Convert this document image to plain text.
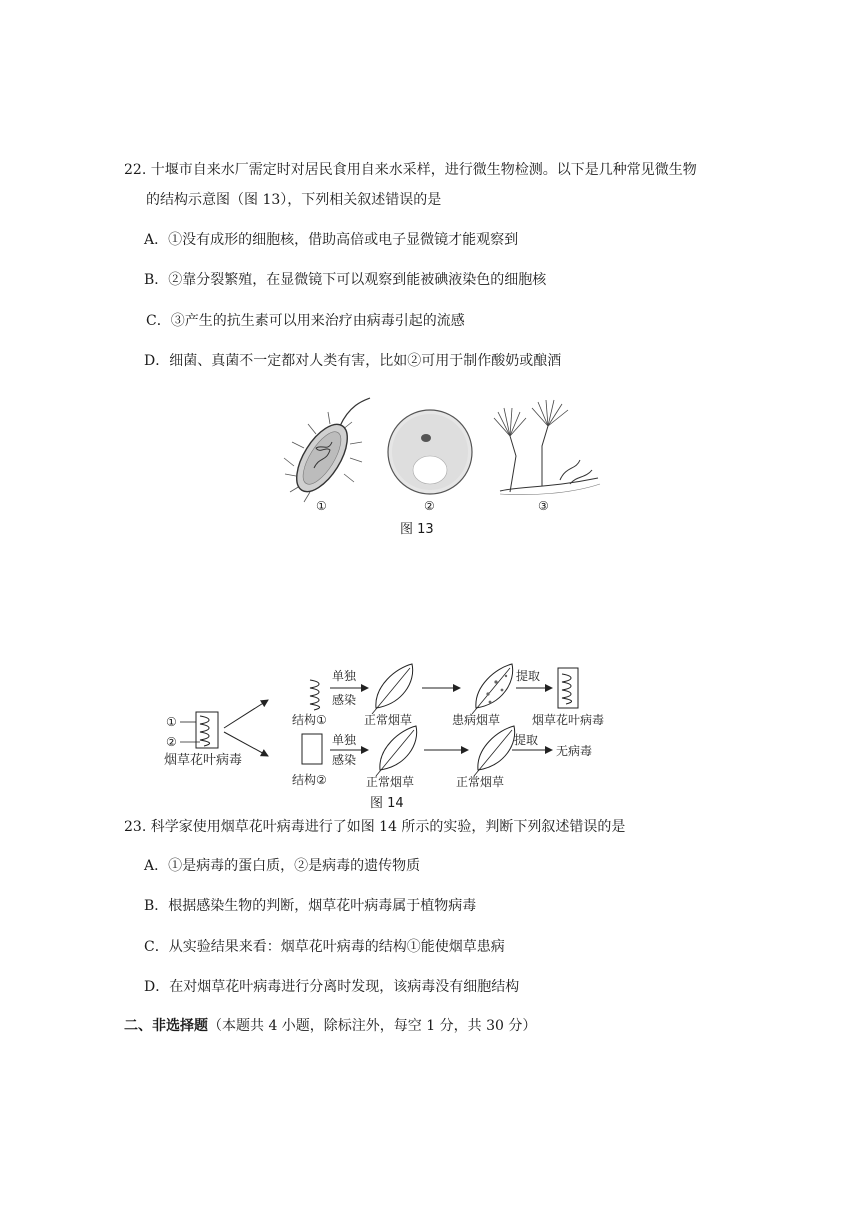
22. 十堰市自来水厂需定时对居民食用自来水采样，进行微生物检测。以下是几种常见微生物
的结构示意图（图 13），下列相关叙述错误的是
A．①没有成形的细胞核，借助高倍或电子显微镜才能观察到
B．②靠分裂繁殖，在显微镜下可以观察到能被碘液染色的细胞核
C．③产生的抗生素可以用来治疗由病毒引起的流感
D．细菌、真菌不一定都对人类有害，比如②可用于制作酸奶或酿酒
①	②	③
图 13
①
②
烟草花叶病毒
结构①
单独
感染
正常烟草	患病烟草
提取
烟草花叶病毒
结构②
单独
感染
正常烟草	正常烟草
提取
无病毒
图 14
23. 科学家使用烟草花叶病毒进行了如图 14 所示的实验，判断下列叙述错误的是
A．①是病毒的蛋白质，②是病毒的遗传物质
B．根据感染生物的判断，烟草花叶病毒属于植物病毒
C．从实验结果来看：烟草花叶病毒的结构①能使烟草患病
D．在对烟草花叶病毒进行分离时发现，该病毒没有细胞结构
二、非选择题（本题共 4 小题，除标注外，每空 1 分，共 30 分）
